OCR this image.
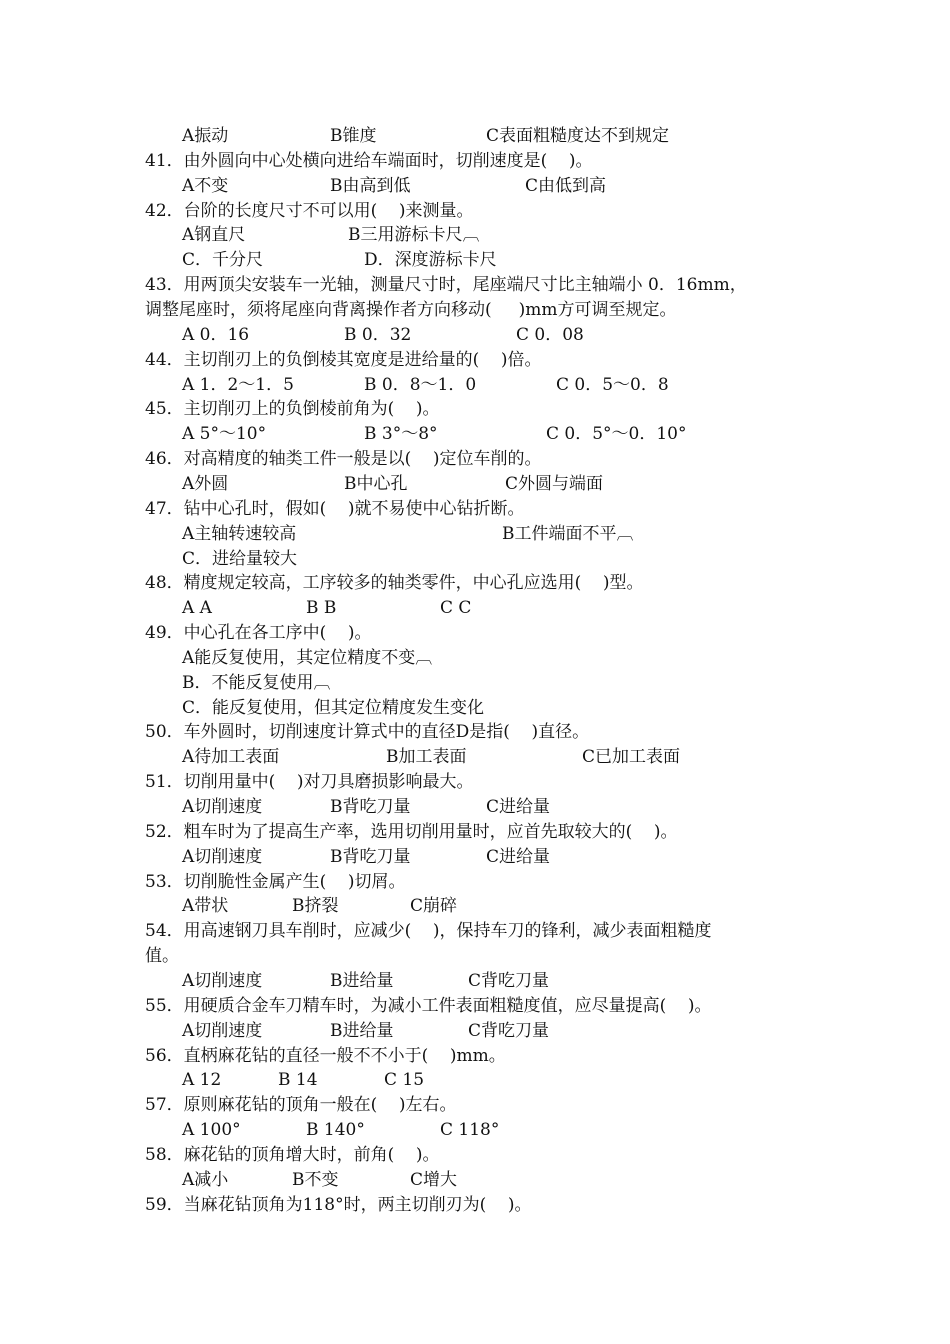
A振动	B锥度	C表面粗糙度达不到规定
41．由外圆向中心处横向进给车端面时，切削速度是(    )。
A不变	B由高到低	C由低到高
42．台阶的长度尺寸不可以用(    )来测量。
A钢直尺	B三用游标卡尺︹
C．千分尺	D．深度游标卡尺
43．用两顶尖安装车一光轴，测量尺寸时，尾座端尺寸比主轴端小 0．16mm，
调整尾座时，须将尾座向背离操作者方向移动(     )mm方可调至规定。
A 0．16	B 0．32	C 0．08
44．主切削刃上的负倒棱其宽度是进给量的(    )倍。
A 1．2～1．5	B 0．8～1．0	C 0．5～0．8
45．主切削刃上的负倒棱前角为(    )。
A 5°～10°	B 3°～8°	C 0．5°～0．10°
46．对高精度的轴类工件一般是以(    )定位车削的。
A外圆	B中心孔	C外圆与端面
47．钻中心孔时，假如(    )就不易使中心钻折断。
A主轴转速较高	B工件端面不平︹
C．进给量较大
48．精度规定较高，工序较多的轴类零件，中心孔应选用(    )型。
A A	B B	C C
49．中心孔在各工序中(    )。
A能反复使用，其定位精度不变︹
B．不能反复使用︹
C．能反复使用，但其定位精度发生变化
50．车外圆时，切削速度计算式中的直径D是指(    )直径。
A待加工表面	B加工表面	C已加工表面
51．切削用量中(    )对刀具磨损影响最大。
A切削速度	B背吃刀量	C进给量
52．粗车时为了提高生产率，选用切削用量时，应首先取较大的(    )。
A切削速度	B背吃刀量	C进给量
53．切削脆性金属产生(    )切屑。
A带状	B挤裂	C崩碎
54．用高速钢刀具车削时，应减少(    )，保持车刀的锋利，减少表面粗糙度
值。
A切削速度	B进给量	C背吃刀量
55．用硬质合金车刀精车时，为减小工件表面粗糙度值，应尽量提高(    )。
A切削速度	B进给量	C背吃刀量
56．直柄麻花钻的直径一般不不小于(    )mm。
A 12	B 14	C 15
57．原则麻花钻的顶角一般在(    )左右。
A 100°	B 140°	C 118°
58．麻花钻的顶角增大时，前角(    )。
A减小	B不变	C增大
59．当麻花钻顶角为118°时，两主切削刃为(    )。
